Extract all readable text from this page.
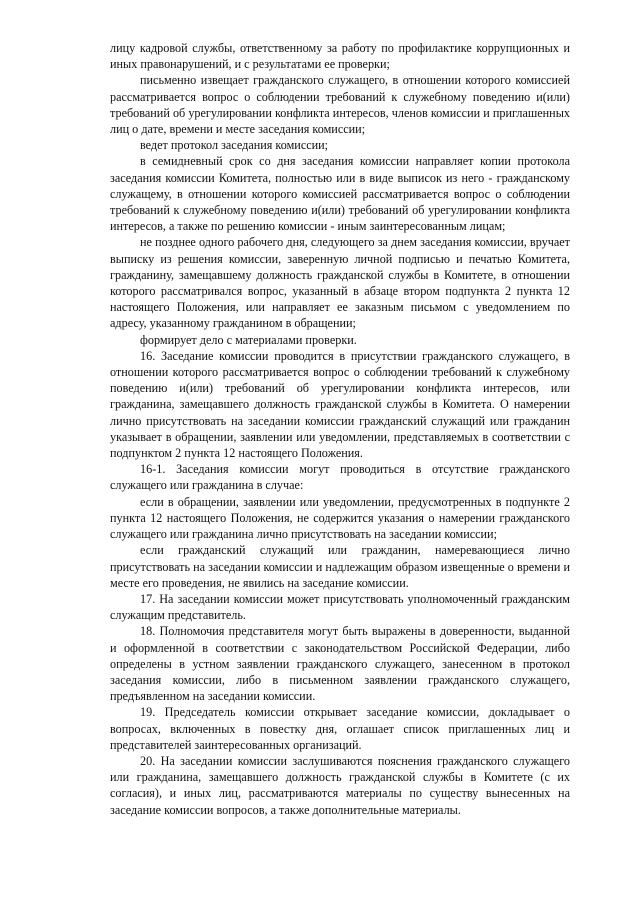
лицу кадровой службы, ответственному за работу по профилактике коррупционных и иных правонарушений, и с результатами ее проверки;

письменно извещает гражданского служащего, в отношении которого комиссией рассматривается вопрос о соблюдении требований к служебному поведению и(или) требований об урегулировании конфликта интересов, членов комиссии и приглашенных лиц о дате, времени и месте заседания комиссии;

ведет протокол заседания комиссии;

в семидневный срок со дня заседания комиссии направляет копии протокола заседания комиссии Комитета, полностью или в виде выписок из него - гражданскому служащему, в отношении которого комиссией рассматривается вопрос о соблюдении требований к служебному поведению и(или) требований об урегулировании конфликта интересов, а также по решению комиссии - иным заинтересованным лицам;

не позднее одного рабочего дня, следующего за днем заседания комиссии, вручает выписку из решения комиссии, заверенную личной подписью и печатью Комитета, гражданину, замещавшему должность гражданской службы в Комитете, в отношении которого рассматривался вопрос, указанный в абзаце втором подпункта 2 пункта 12 настоящего Положения, или направляет ее заказным письмом с уведомлением по адресу, указанному гражданином в обращении;

формирует дело с материалами проверки.

16. Заседание комиссии проводится в присутствии гражданского служащего, в отношении которого рассматривается вопрос о соблюдении требований к служебному поведению и(или) требований об урегулировании конфликта интересов, или гражданина, замещавшего должность гражданской службы в Комитета. О намерении лично присутствовать на заседании комиссии гражданский служащий или гражданин указывает в обращении, заявлении или уведомлении, представляемых в соответствии с подпунктом 2 пункта 12 настоящего Положения.

16-1. Заседания комиссии могут проводиться в отсутствие гражданского служащего или гражданина в случае:

если в обращении, заявлении или уведомлении, предусмотренных в подпункте 2 пункта 12 настоящего Положения, не содержится указания о намерении гражданского служащего или гражданина лично присутствовать на заседании комиссии;

если гражданский служащий или гражданин, намеревающиеся лично присутствовать на заседании комиссии и надлежащим образом извещенные о времени и месте его проведения, не явились на заседание комиссии.

17. На заседании комиссии может присутствовать уполномоченный гражданским служащим представитель.

18. Полномочия представителя могут быть выражены в доверенности, выданной и оформленной в соответствии с законодательством Российской Федерации, либо определены в устном заявлении гражданского служащего, занесенном в протокол заседания комиссии, либо в письменном заявлении гражданского служащего, предъявленном на заседании комиссии.

19. Председатель комиссии открывает заседание комиссии, докладывает о вопросах, включенных в повестку дня, оглашает список приглашенных лиц и представителей заинтересованных организаций.

20. На заседании комиссии заслушиваются пояснения гражданского служащего или гражданина, замещавшего должность гражданской службы в Комитете (с их согласия), и иных лиц, рассматриваются материалы по существу вынесенных на заседание комиссии вопросов, а также дополнительные материалы.
